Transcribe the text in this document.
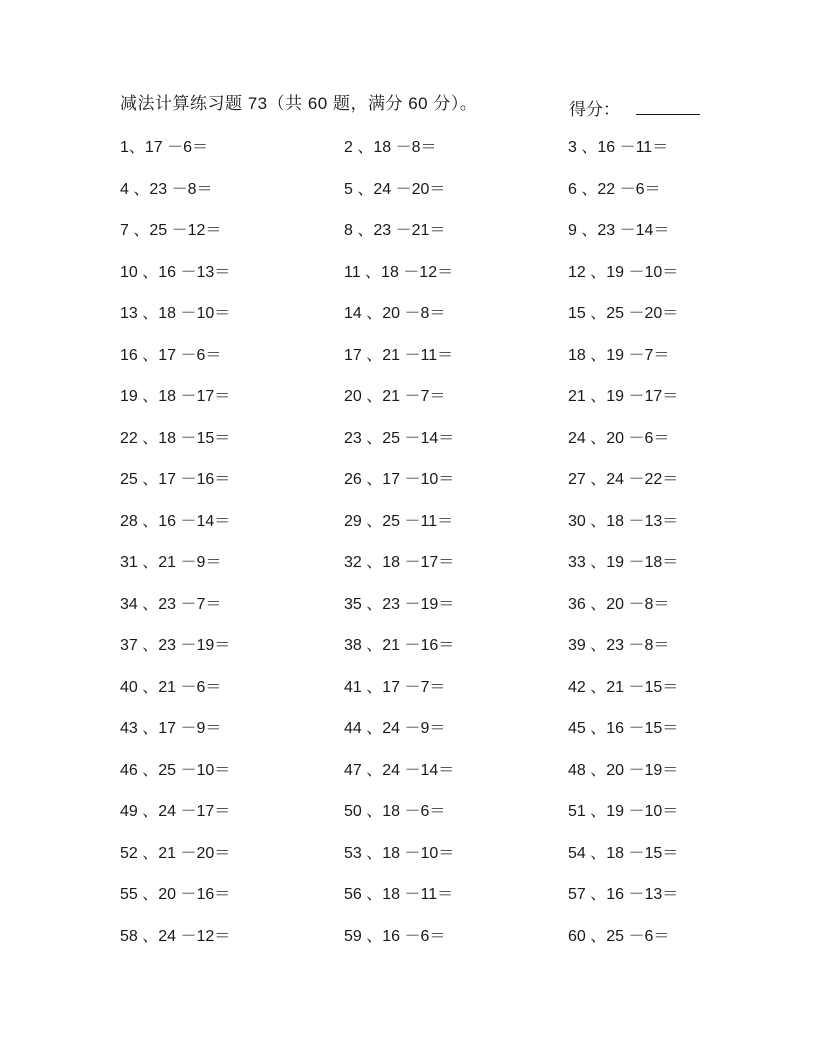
减法计算练习题 73（共 60 题，满分 60 分）。	得分：
1、17 －6＝	2 、18 －8＝	3 、16 －11＝
4 、23 －8＝	5 、24 －20＝	6 、22 －6＝
7 、25 －12＝	8 、23 －21＝	9 、23 －14＝
10 、16 －13＝	11 、18 －12＝	12 、19 －10＝
13 、18 －10＝	14 、20 －8＝	15 、25 －20＝
16 、17 －6＝	17 、21 －11＝	18 、19 －7＝
19 、18 －17＝	20 、21 －7＝	21 、19 －17＝
22 、18 －15＝	23 、25 －14＝	24 、20 －6＝
25 、17 －16＝	26 、17 －10＝	27 、24 －22＝
28 、16 －14＝	29 、25 －11＝	30 、18 －13＝
31 、21 －9＝	32 、18 －17＝	33 、19 －18＝
34 、23 －7＝	35 、23 －19＝	36 、20 －8＝
37 、23 －19＝	38 、21 －16＝	39 、23 －8＝
40 、21 －6＝	41 、17 －7＝	42 、21 －15＝
43 、17 －9＝	44 、24 －9＝	45 、16 －15＝
46 、25 －10＝	47 、24 －14＝	48 、20 －19＝
49 、24 －17＝	50 、18 －6＝	51 、19 －10＝
52 、21 －20＝	53 、18 －10＝	54 、18 －15＝
55 、20 －16＝	56 、18 －11＝	57 、16 －13＝
58 、24 －12＝	59 、16 －6＝	60 、25 －6＝
